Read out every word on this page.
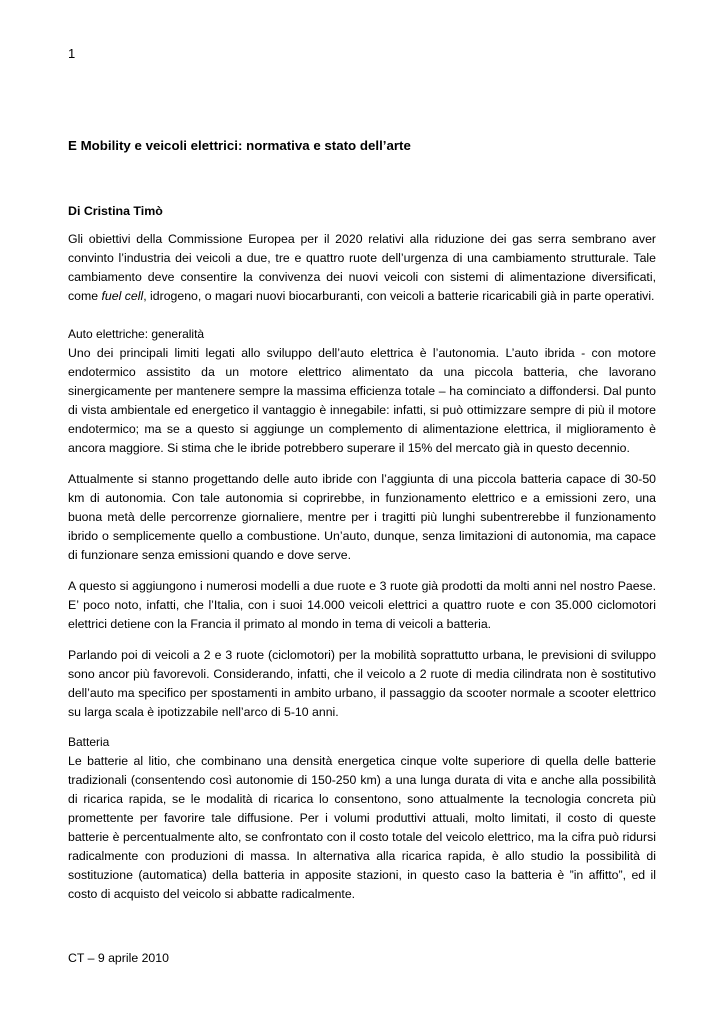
1
E Mobility e veicoli elettrici: normativa e stato dell’arte
Di Cristina Timò

Gli obiettivi della Commissione Europea per il 2020 relativi alla riduzione dei gas serra sembrano aver convinto l’industria dei veicoli a due, tre e quattro ruote dell’urgenza di una cambiamento strutturale. Tale cambiamento deve consentire la convivenza dei nuovi veicoli con sistemi di alimentazione diversificati, come fuel cell, idrogeno, o magari nuovi biocarburanti, con veicoli a batterie ricaricabili già in parte operativi.

Auto elettriche: generalità

Uno dei principali limiti legati allo sviluppo dell’auto elettrica è l’autonomia. L’auto ibrida - con motore endotermico assistito da un motore elettrico alimentato da una piccola batteria, che lavorano sinergicamente per mantenere sempre la massima efficienza totale – ha cominciato a diffondersi. Dal punto di vista ambientale ed energetico il vantaggio è innegabile: infatti, si può ottimizzare sempre di più il motore endotermico; ma se a questo si aggiunge un complemento di alimentazione elettrica, il miglioramento è ancora maggiore. Si stima che le ibride potrebbero superare il 15% del mercato già in questo decennio.

Attualmente si stanno progettando delle auto ibride con l’aggiunta di una piccola batteria capace di 30-50 km di autonomia. Con tale autonomia si coprirebbe, in funzionamento elettrico e a emissioni zero, una buona metà delle percorrenze giornaliere, mentre per i tragitti più lunghi subentrerebbe il funzionamento ibrido o semplicemente quello a combustione. Un’auto, dunque, senza limitazioni di autonomia, ma capace di funzionare senza emissioni quando e dove serve.

A questo si aggiungono i numerosi modelli a due ruote e 3 ruote già prodotti da molti anni nel nostro Paese. E’ poco noto, infatti, che l’Italia, con i suoi 14.000 veicoli elettrici a quattro ruote e con 35.000 ciclomotori elettrici detiene con la Francia il primato al mondo in tema di veicoli a batteria.

Parlando poi di veicoli a 2 e 3 ruote (ciclomotori) per la mobilità soprattutto urbana, le previsioni di sviluppo sono ancor più favorevoli. Considerando, infatti, che il veicolo a 2 ruote di media cilindrata non è sostitutivo dell’auto ma specifico per spostamenti in ambito urbano, il passaggio da scooter normale a scooter elettrico su larga scala è ipotizzabile nell’arco di 5-10 anni.

Batteria

Le batterie al litio, che combinano una densità energetica cinque volte superiore di quella delle batterie tradizionali (consentendo così autonomie di 150-250 km) a una lunga durata di vita e anche alla possibilità di ricarica rapida, se le modalità di ricarica lo consentono, sono attualmente la tecnologia concreta più promettente per favorire tale diffusione. Per i volumi produttivi attuali, molto limitati, il costo di queste batterie è percentualmente alto, se confrontato con il costo totale del veicolo elettrico, ma la cifra può ridursi radicalmente con produzioni di massa. In alternativa alla ricarica rapida, è allo studio la possibilità di sostituzione (automatica) della batteria in apposite stazioni, in questo caso la batteria è ”in affitto”, ed il costo di acquisto del veicolo si abbatte radicalmente.

CT – 9 aprile 2010
